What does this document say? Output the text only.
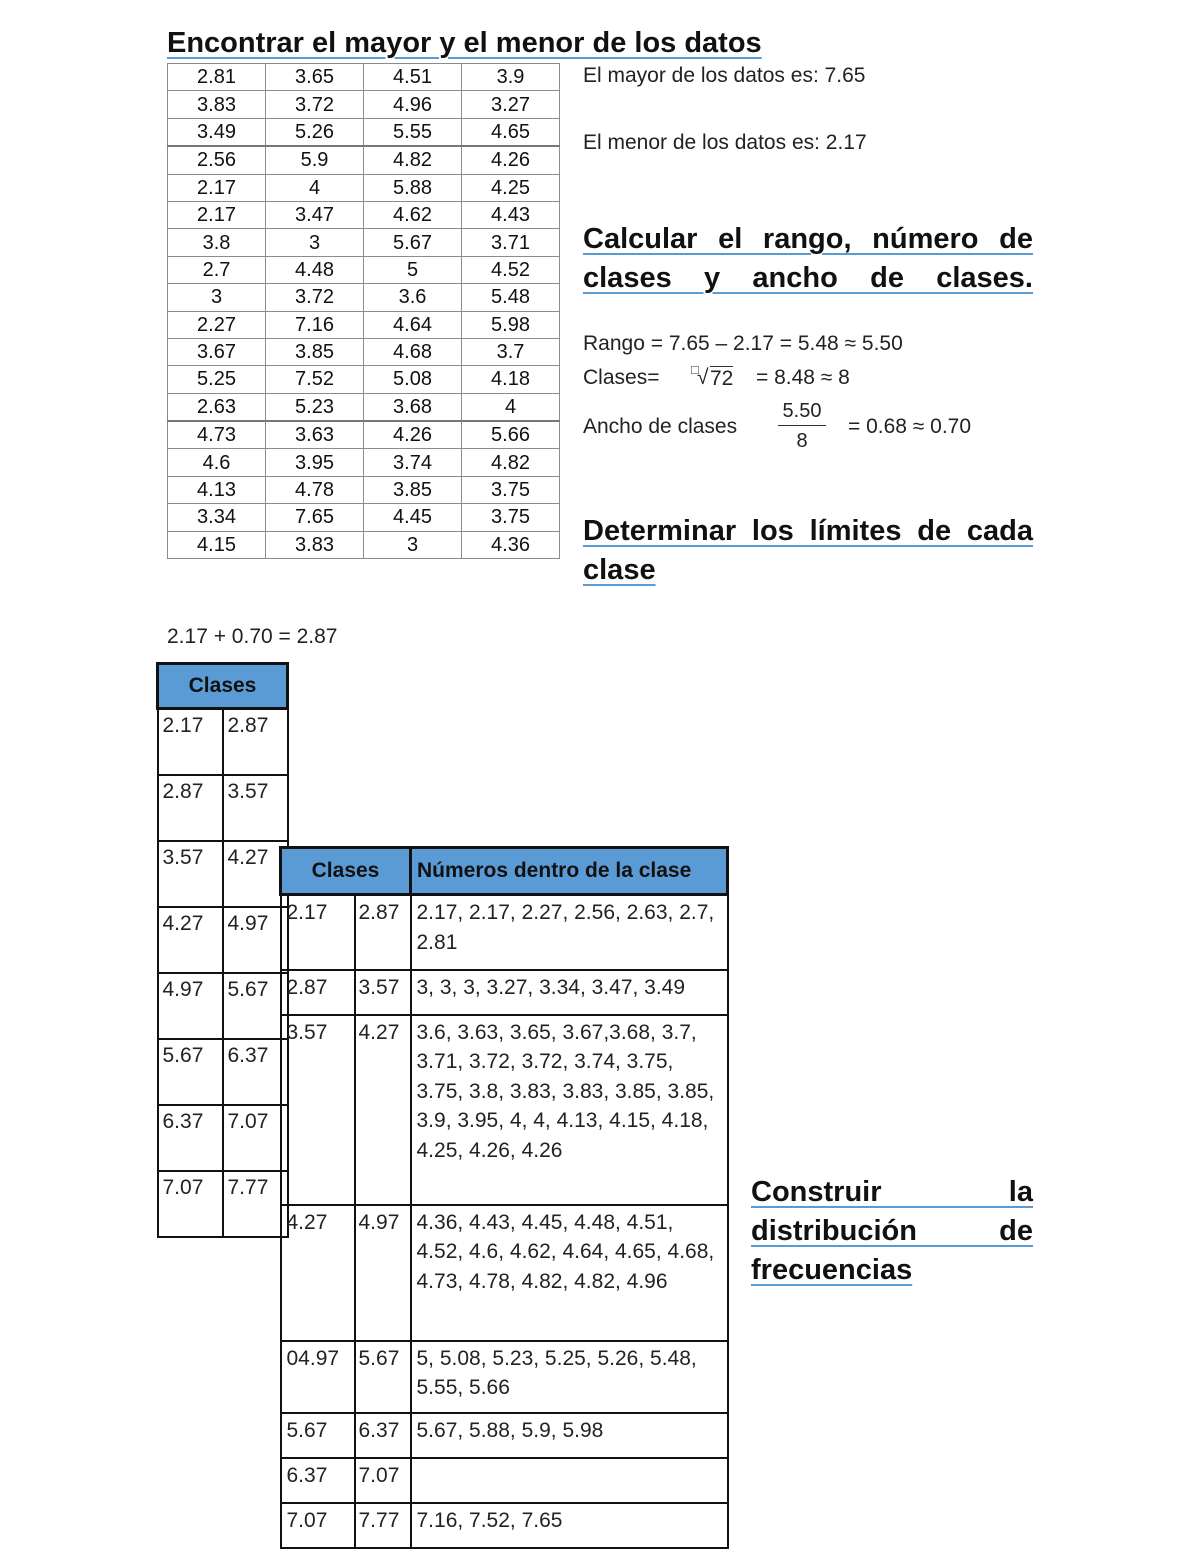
Encontrar el mayor y el menor de los datos
2.81	3.65	4.51	3.9
3.83	3.72	4.96	3.27
3.49	5.26	5.55	4.65
2.56	5.9	4.82	4.26
2.17	4	5.88	4.25
2.17	3.47	4.62	4.43
3.8	3	5.67	3.71
2.7	4.48	5	4.52
3	3.72	3.6	5.48
2.27	7.16	4.64	5.98
3.67	3.85	4.68	3.7
5.25	7.52	5.08	4.18
2.63	5.23	3.68	4
4.73	3.63	4.26	5.66
4.6	3.95	3.74	4.82
4.13	4.78	3.85	3.75
3.34	7.65	4.45	3.75
4.15	3.83	3	4.36
El mayor de los datos es: 7.65
El menor de los datos es: 2.17
Calcular el rango, número de clases y ancho de clases.
Rango = 7.65 – 2.17 = 5.48 ≈ 5.50
Clases= □
√ 72 = 8.48 ≈ 8
Ancho de clases $\frac{5.50}{8} = 0.68 \approx 0.70$
Determinar los límites de cada clase
2.17 + 0.70 = 2.87
Clases	
2.17	2.87
2.87	3.57
3.57	4.27
4.27	4.97
4.97	5.67
5.67	6.37
6.37	7.07
7.07	7.77
Clases		Números dentro de la clase
2.17	2.87	2.17, 2.17, 2.27, 2.56, 2.63, 2.7, 2.81
2.87	3.57	3, 3, 3, 3.27, 3.34, 3.47, 3.49
3.57	4.27	3.6, 3.63, 3.65, 3.67,3.68, 3.7, 3.71, 3.72, 3.72, 3.74, 3.75, 3.75, 3.8, 3.83, 3.83, 3.85, 3.85, 3.9, 3.95, 4, 4, 4.13, 4.15, 4.18, 4.25, 4.26, 4.26
4.27	4.97	4.36, 4.43, 4.45, 4.48, 4.51, 4.52, 4.6, 4.62, 4.64, 4.65, 4.68, 4.73, 4.78, 4.82, 4.82, 4.96
04.97	5.67	5, 5.08, 5.23, 5.25, 5.26, 5.48, 5.55, 5.66
5.67	6.37	5.67, 5.88, 5.9, 5.98
6.37	7.07	
7.07	7.77	7.16, 7.52, 7.65
Construir la distribución de frecuencias
